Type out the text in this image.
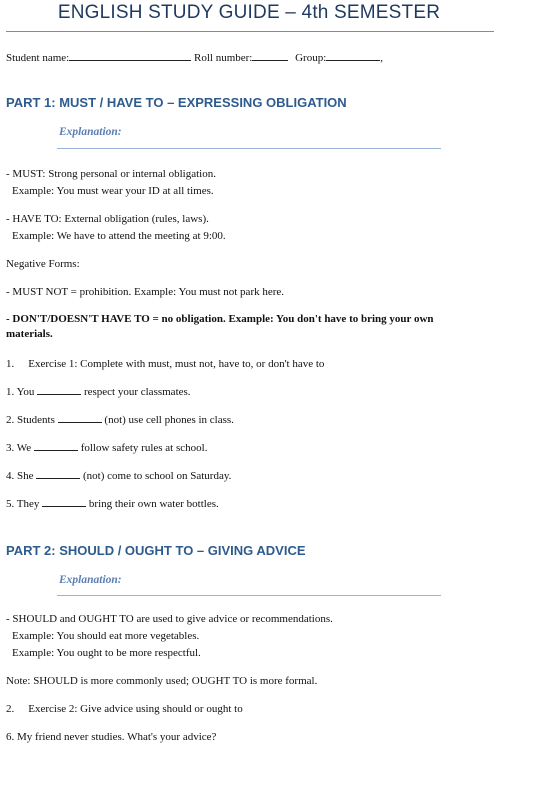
ENGLISH STUDY GUIDE – 4th SEMESTER
Student name:	Roll number:	Group:	,
PART 1: MUST / HAVE TO – EXPRESSING OBLIGATION
Explanation:
- MUST: Strong personal or internal obligation.
Example: You must wear your ID at all times.
- HAVE TO: External obligation (rules, laws).
Example: We have to attend the meeting at 9:00.
Negative Forms:
- MUST NOT = prohibition. Example: You must not park here.
- DON'T/DOESN'T HAVE TO = no obligation. Example: You don't have to bring your own materials.
1. Exercise 1: Complete with must, must not, have to, or don't have to
1. You	respect your classmates.
2. Students	(not) use cell phones in class.
3. We	follow safety rules at school.
4. She	(not) come to school on Saturday.
5. They	bring their own water bottles.
PART 2: SHOULD / OUGHT TO – GIVING ADVICE
Explanation:
- SHOULD and OUGHT TO are used to give advice or recommendations.
Example: You should eat more vegetables.
Example: You ought to be more respectful.
Note: SHOULD is more commonly used; OUGHT TO is more formal.
2. Exercise 2: Give advice using should or ought to
6. My friend never studies. What's your advice?
